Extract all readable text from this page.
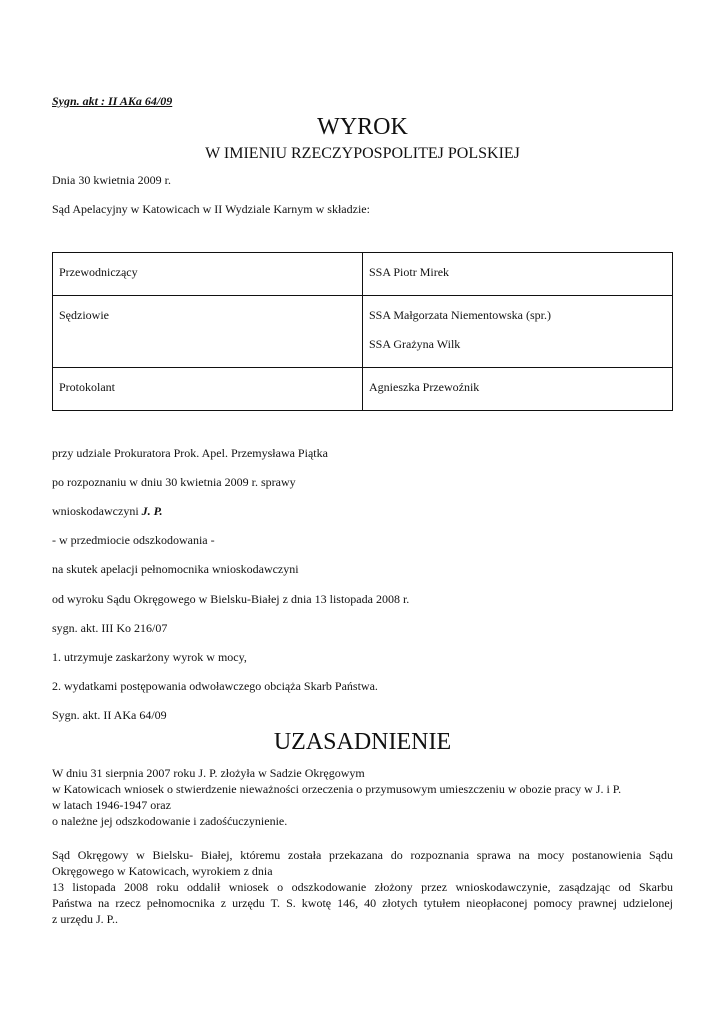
Sygn. akt : II AKa 64/09
WYROK
W IMIENIU RZECZYPOSPOLITEJ POLSKIEJ
Dnia 30 kwietnia 2009 r.
Sąd Apelacyjny w Katowicach w II Wydziale Karnym w składzie:
Przewodniczący	SSA Piotr Mirek

Sędziowie	SSA Małgorzata Niementowska (spr.)
SSA Grażyna Wilk

Protokolant	Agnieszka Przewoźnik
przy udziale Prokuratora Prok. Apel. Przemysława Piątka
po rozpoznaniu w dniu 30 kwietnia 2009 r. sprawy
wnioskodawczyni J. P.
- w przedmiocie odszkodowania -
na skutek apelacji pełnomocnika wnioskodawczyni
od wyroku Sądu Okręgowego w Bielsku-Białej z dnia 13 listopada 2008 r.
sygn. akt. III Ko 216/07
1. utrzymuje zaskarżony wyrok w mocy,
2. wydatkami postępowania odwoławczego obciąża Skarb Państwa.
Sygn. akt. II AKa 64/09
UZASADNIENIE
W dniu 31 sierpnia 2007 roku J. P. złożyła w Sadzie Okręgowym
w Katowicach wniosek o stwierdzenie nieważności orzeczenia o przymusowym umieszczeniu w obozie pracy w J. i P.
w latach 1946-1947 oraz
o należne jej odszkodowanie i zadośćuczynienie.
Sąd Okręgowy w Bielsku- Białej, któremu została przekazana do rozpoznania sprawa na mocy postanowienia Sądu
Okręgowego w Katowicach, wyrokiem z dnia
13 listopada 2008 roku oddalił wniosek o odszkodowanie złożony przez wnioskodawczynie, zasądzając od Skarbu
Państwa na rzecz pełnomocnika z urzędu T. S. kwotę 146, 40 złotych tytułem nieopłaconej pomocy prawnej udzielonej
z urzędu J. P..
